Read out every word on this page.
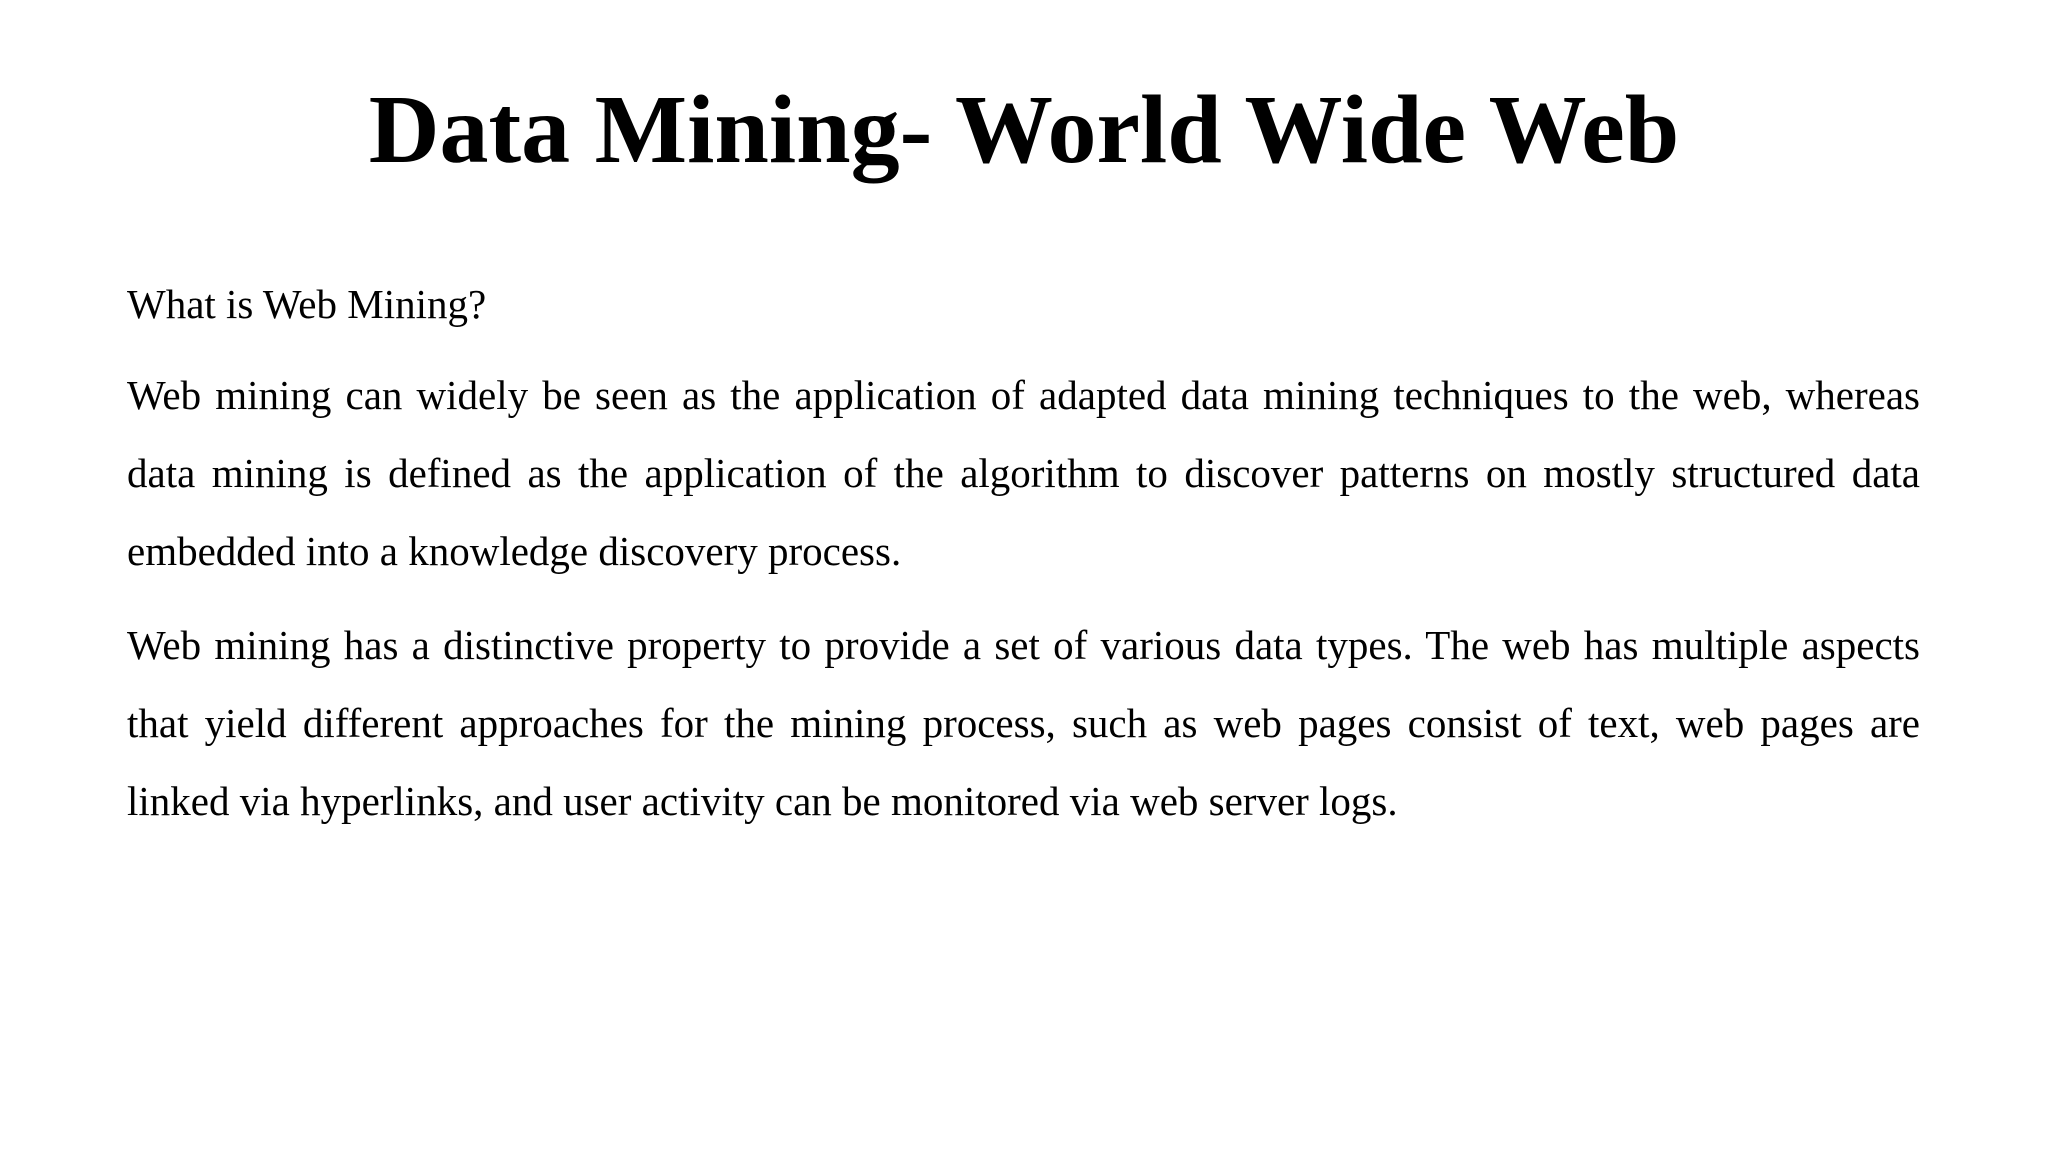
Data Mining- World Wide Web

What is Web Mining?

Web mining can widely be seen as the application of adapted data mining techniques to the web, whereas data mining is defined as the application of the algorithm to discover patterns on mostly structured data embedded into a knowledge discovery process.

Web mining has a distinctive property to provide a set of various data types. The web has multiple aspects that yield different approaches for the mining process, such as web pages consist of text, web pages are linked via hyperlinks, and user activity can be monitored via web server logs.
